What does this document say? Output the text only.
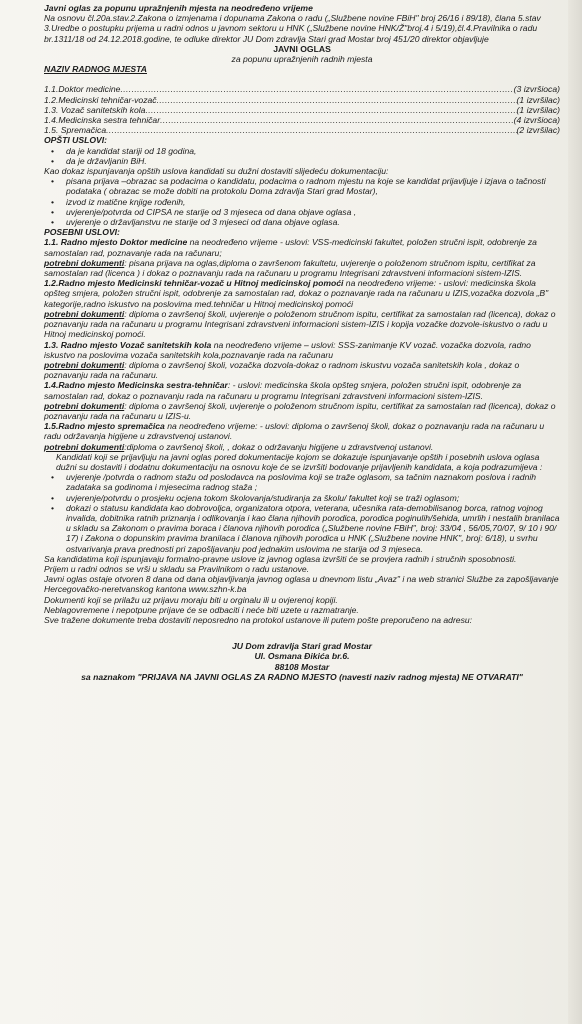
Javni oglas za popunu upražnjenih mjesta na neodređeno vrijeme

Na osnovu čl.20a.stav.2.Zakona o izmjenama i dopunama Zakona o radu („Službene novine FBiH" broj 26/16 i 89/18), člana 5.stav 3.Uredbe o postupku prijema u radni odnos u javnom sektoru u HNK („Službene novine HNK/Ž"broj.4 i 5/19),čl.4.Pravilnika o radu br.1311/18 od 24.12.2018.godine, te odluke direktor JU Dom zdravlja Stari grad Mostar broj 451/20 direktor objavljuje

JAVNI OGLAS

za popunu upražnjenih radnih mjesta

NAZIV RADNOG MJESTA

1.1.Doktor medicine .....	(3 izvršioca)
1.2.Medicinski tehničar-vozač .....	(1 izvršilac)
1.3. Vozač sanitetskih kola .....	(1 izvršilac)
1.4.Medicinska sestra tehničar .....	(4 izvršioca)
1.5. Spremačica .....	(2 izvršilac)

OPŠTI USLOVI:

• da je kandidat stariji od 18 godina,
• da je državljanin BiH.

Kao dokaz ispunjavanja opštih uslova kandidati su dužni dostaviti slijedeću dokumentaciju:

• pisana prijava –obrazac sa podacima o kandidatu, podacima o radnom mjestu na koje se kandidat prijavljuje i izjava o tačnosti podataka ( obrazac se može dobiti na protokolu Doma zdravlja Stari grad Mostar),
• izvod iz matične knjige rođenih,
• uvjerenje/potvrda od CIPSA ne starije od 3 mjeseca od dana objave oglasa ,
• uvjerenje o državljanstvu ne starije od 3 mjeseci od dana objave oglasa.

POSEBNI USLOVI:

1.1. Radno mjesto Doktor medicine na neodređeno vrijeme - uslovi: VSS-medicinski fakultet, položen stručni ispit, odobrenje za samostalan rad, poznavanje rada na računaru;

potrebni dokumenti: pisana prijava na oglas,diploma o završenom fakultetu, uvjerenje o položenom stručnom ispitu, certifikat za samostalan rad (licenca ) i dokaz o poznavanju rada na računaru u programu Integrisani zdravstveni informacioni sistem-IZIS.

1.2.Radno mjesto Medicinski tehničar-vozač u Hitnoj medicinskoj pomoći na neodređeno vrijeme: - uslovi: medicinska škola opšteg smjera, položen stručni ispit, odobrenje za samostalan rad, dokaz o poznavanje rada na računaru u IZIS,vozačka dozvola „B" kategorije,radno iskustvo na poslovima med.tehničar u Hitnoj medicinskoj pomoći

potrebni dokumenti: diploma o završenoj školi, uvjerenje o položenom stručnom ispitu, certifikat za samostalan rad (licenca), dokaz o poznavanju rada na računaru u programu Integrisani zdravstveni informacioni sistem-IZIS i kopija vozačke dozvole-iskustvo o radu u Hitnoj medicinskoj pomoći.

1.3. Radno mjesto Vozač sanitetskih kola na neodređeno vrijeme – uslovi: SSS-zanimanje KV vozač. vozačka dozvola, radno iskustvo na poslovima vozača sanitetskih kola,poznavanje rada na računaru

potrebni dokumenti: diploma o završenoj školi, vozačka dozvola-dokaz o radnom iskustvu vozača sanitetskih kola , dokaz o poznavanju rada na računaru.

1.4.Radno mjesto Medicinska sestra-tehničar: - uslovi: medicinska škola opšteg smjera, položen stručni ispit, odobrenje za samostalan rad, dokaz o poznavanju rada na računaru u programu Integrisani zdravstveni informacioni sistem-IZIS.

potrebni dokumenti: diploma o završenoj školi, uvjerenje o položenom stručnom ispitu, certifikat za samostalan rad (licenca), dokaz o poznavanju rada na računaru u IZIS-u.

1.5.Radno mjesto spremačica na neodređeno vrijeme: - uslovi: diploma o završenoj školi, dokaz o poznavanju rada na računaru u radu održavanja higijene u zdravstvenoj ustanovi.

potrebni dokumenti:diploma o završenoj školi, , dokaz o održavanju higijene u zdravstvenoj ustanovi.

Kandidati koji se prijavljuju na javni oglas pored dokumentacije kojom se dokazuje ispunjavanje opštih i posebnih uslova oglasa dužni su dostaviti i dodatnu dokumentaciju na osnovu koje će se izvršiti bodovanje prijavljenih kandidata, a koja podrazumijeva :

• uvjerenje /potvrda o radnom stažu od poslodavca na poslovima koji se traže oglasom, sa tačnim naznakom poslova i radnih zadataka sa godinoma i mjesecima radnog staža ;
• uvjerenje/potvrdu o prosjeku ocjena tokom školovanja/studiranja za školu/ fakultet koji se traži oglasom;
• dokazi o statusu kandidata kao dobrovoljca, organizatora otpora, veterana, učesnika rata-demobilisanog borca, ratnog vojnog invalida, dobitnika ratnih priznanja i odlikovanja i kao člana njihovih porodica, porodica poginulih/šehida, umrlih i nestalih branilaca u skladu sa Zakonom o pravima boraca i članova njihovih porodica („Službene novine FBiH", broj: 33/04 , 56/05,70/07, 9/ 10 i 90/ 17) i Zakona o dopunskim pravima branilaca i članova njihovih porodica u HNK („Službene novine HNK", broj: 6/18), u svrhu ostvarivanja prava prednosti pri zapošljavanju pod jednakim uslovima ne starija od 3 mjeseca.

Sa kandidatima koji ispunjavaju formalno-pravne uslove iz javnog oglasa izvršiti će se provjera radnih i stručnih sposobnosti.

Prijem u radni odnos se vrši u skladu sa Pravilnikom o radu ustanove.

Javni oglas ostaje otvoren 8 dana od dana objavljivanja javnog oglasa u dnevnom listu „Avaz" i na web stranici Službe za zapošljavanje Hercegovačko-neretvanskog kantona www.szhn-k.ba

Dokumenti koji se prilažu uz prijavu moraju biti u orginalu ili u ovjerenoj kopiji.

Neblagovremene i nepotpune prijave će se odbaciti i neće biti uzete u razmatranje.

Sve tražene dokumente treba dostaviti neposredno na protokol ustanove ili putem pošte preporučeno na adresu:

JU Dom zdravlja Stari grad Mostar

Ul. Osmana Đikića br.6.

88108 Mostar

sa naznakom "PRIJAVA NA JAVNI OGLAS ZA RADNO MJESTO (navesti naziv radnog mjesta) NE OTVARATI"
